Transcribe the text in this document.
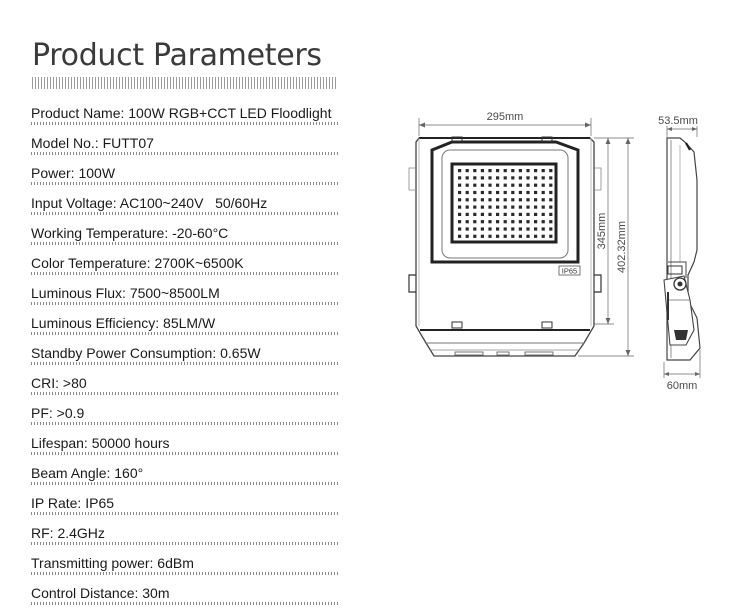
Product Parameters
Product Name: 100W RGB+CCT LED Floodlight
Model No.: FUTT07
Power: 100W
Input Voltage: AC100~240V   50/60Hz
Working Temperature: -20-60°C
Color Temperature: 2700K~6500K
Luminous Flux: 7500~8500LM
Luminous Efficiency: 85LM/W
Standby Power Consumption: 0.65W
CRI: >80
PF: >0.9
Lifespan: 50000 hours
Beam Angle: 160°
IP Rate: IP65
RF: 2.4GHz
Transmitting power: 6dBm
Control Distance: 30m
IP65
295mm
345mm 402.32mm
53.5mm
60mm
